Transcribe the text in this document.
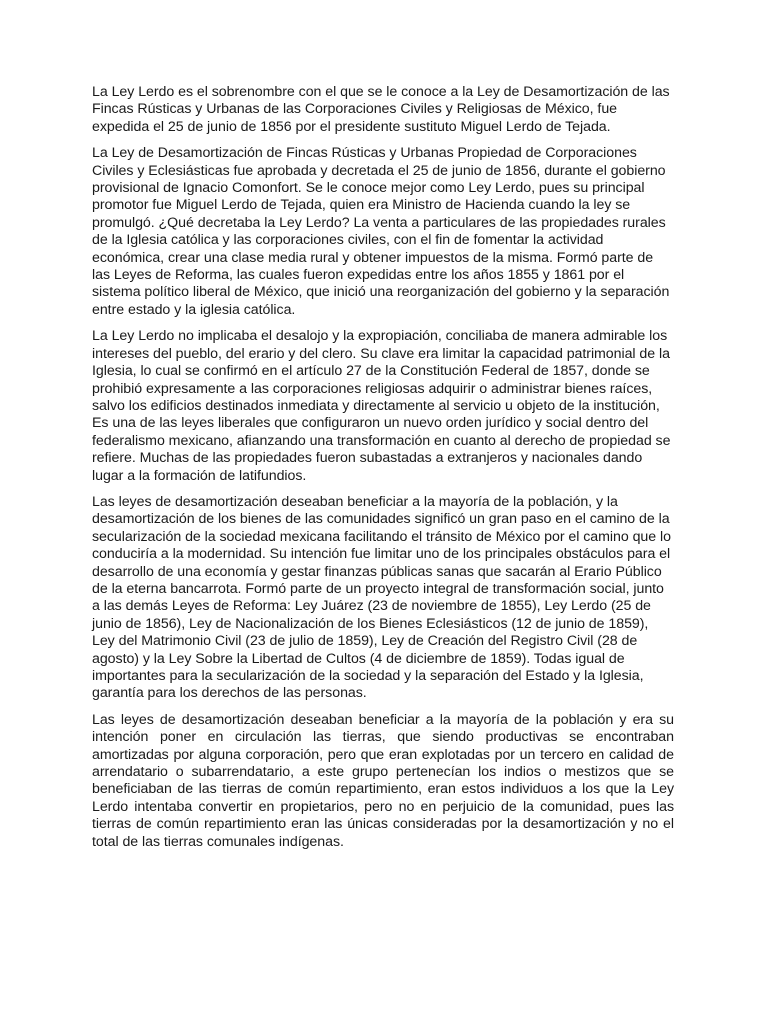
La Ley Lerdo es el sobrenombre con el que se le conoce a la Ley de Desamortización de las Fincas Rústicas y Urbanas de las Corporaciones Civiles y Religiosas de México, fue expedida el 25 de junio de 1856 por el presidente sustituto Miguel Lerdo de Tejada.

La Ley de Desamortización de Fincas Rústicas y Urbanas Propiedad de Corporaciones Civiles y Eclesiásticas fue aprobada y decretada el 25 de junio de 1856, durante el gobierno provisional de Ignacio Comonfort. Se le conoce mejor como Ley Lerdo, pues su principal promotor fue Miguel Lerdo de Tejada, quien era Ministro de Hacienda cuando la ley se promulgó. ¿Qué decretaba la Ley Lerdo? La venta a particulares de las propiedades rurales de la Iglesia católica y las corporaciones civiles, con el fin de fomentar la actividad económica, crear una clase media rural y obtener impuestos de la misma. Formó parte de las Leyes de Reforma, las cuales fueron expedidas entre los años 1855 y 1861 por el sistema político liberal de México, que inició una reorganización del gobierno y la separación entre estado y la iglesia católica.

La Ley Lerdo no implicaba el desalojo y la expropiación, conciliaba de manera admirable los intereses del pueblo, del erario y del clero. Su clave era limitar la capacidad patrimonial de la Iglesia, lo cual se confirmó en el artículo 27 de la Constitución Federal de 1857, donde se prohibió expresamente a las corporaciones religiosas adquirir o administrar bienes raíces, salvo los edificios destinados inmediata y directamente al servicio u objeto de la institución, Es una de las leyes liberales que configuraron un nuevo orden jurídico y social dentro del federalismo mexicano, afianzando una transformación en cuanto al derecho de propiedad se refiere. Muchas de las propiedades fueron subastadas a extranjeros y nacionales dando lugar a la formación de latifundios.

Las leyes de desamortización deseaban beneficiar a la mayoría de la población, y la desamortización de los bienes de las comunidades significó un gran paso en el camino de la secularización de la sociedad mexicana facilitando el tránsito de México por el camino que lo conduciría a la modernidad. Su intención fue limitar uno de los principales obstáculos para el desarrollo de una economía y gestar finanzas públicas sanas que sacarán al Erario Público de la eterna bancarrota. Formó parte de un proyecto integral de transformación social, junto a las demás Leyes de Reforma: Ley Juárez (23 de noviembre de 1855), Ley Lerdo (25 de junio de 1856), Ley de Nacionalización de los Bienes Eclesiásticos (12 de junio de 1859), Ley del Matrimonio Civil (23 de julio de 1859), Ley de Creación del Registro Civil (28 de agosto) y la Ley Sobre la Libertad de Cultos (4 de diciembre de 1859). Todas igual de importantes para la secularización de la sociedad y la separación del Estado y la Iglesia, garantía para los derechos de las personas.

Las leyes de desamortización deseaban beneficiar a la mayoría de la población y era su intención poner en circulación las tierras, que siendo productivas se encontraban amortizadas por alguna corporación, pero que eran explotadas por un tercero en calidad de arrendatario o subarrendatario, a este grupo pertenecían los indios o mestizos que se beneficiaban de las tierras de común repartimiento, eran estos individuos a los que la Ley Lerdo intentaba convertir en propietarios, pero no en perjuicio de la comunidad, pues las tierras de común repartimiento eran las únicas consideradas por la desamortización y no el total de las tierras comunales indígenas.
